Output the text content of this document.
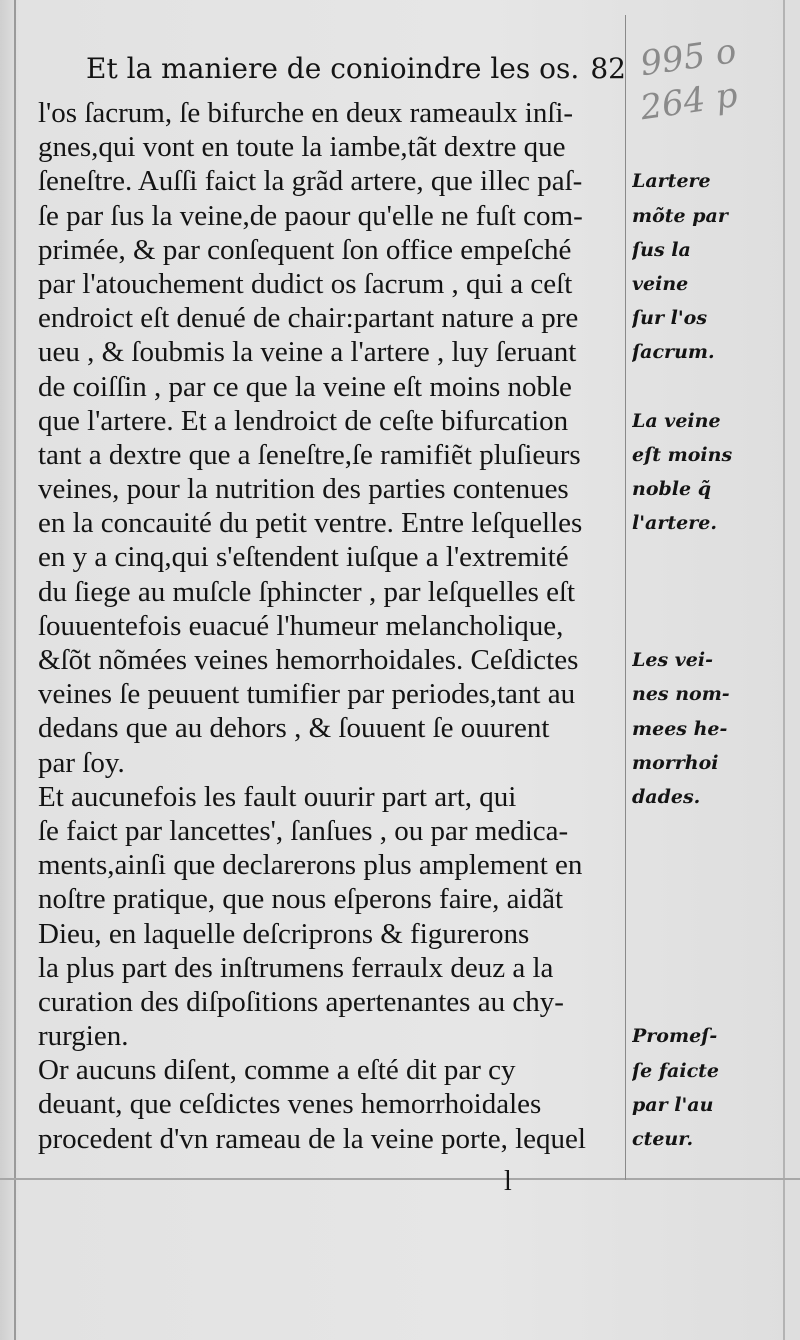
Et la maniere de conioindre les os. 82 995 o
264 p
l'os ſacrum, ſe bifurche en deux rameaulx inſi-
gnes,qui vont en toute la iambe,tãt dextre que
ſeneſtre. Auſſi faict la grãd artere, que illec paſ-
ſe par ſus la veine,de paour qu'elle ne fuſt com-
primée, & par conſequent ſon office empeſché
par l'atouchement dudict os ſacrum , qui a ceſt
endroict eſt denué de chair:partant nature a pre
ueu , & ſoubmis la veine a l'artere , luy ſeruant
de coiſſin , par ce que la veine eſt moins noble
que l'artere. Et a lendroict de ceſte bifurcation
tant a dextre que a ſeneſtre,ſe ramifiẽt pluſieurs
veines, pour la nutrition des parties contenues
en la concauité du petit ventre. Entre leſquelles
en y a cinq,qui s'eſtendent iuſque a l'extremité
du ſiege au muſcle ſphincter , par leſquelles eſt
ſouuentefois euacué l'humeur melancholique,
&ſõt nõmées veines hemorrhoidales. Ceſdictes
veines ſe peuuent tumifier par periodes,tant au
dedans que au dehors , & ſouuent ſe ouurent
par ſoy.
Et aucunefois les fault ouurir part art, qui
ſe faict par lancettes', ſanſues , ou par medica-
ments,ainſi que declarerons plus amplement en
noſtre pratique, que nous eſperons faire, aidãt
Dieu, en laquelle deſcriprons & figurerons
la plus part des inſtrumens ferraulx deuz a la
curation des diſpoſitions apertenantes au chy-
rurgien.
Or aucuns diſent, comme a eſté dit par cy
deuant, que ceſdictes venes hemorrhoidales
procedent d'vn rameau de la veine porte, lequel
Lartere
mõte par
ſus la
veine
ſur l'os
ſacrum.
La veine
eſt moins
noble q̃
l'artere.
Les vei-
nes nom-
mees he-
morrhoi
dades.
Promeſ-
ſe faicte
par l'au
cteur.
l
